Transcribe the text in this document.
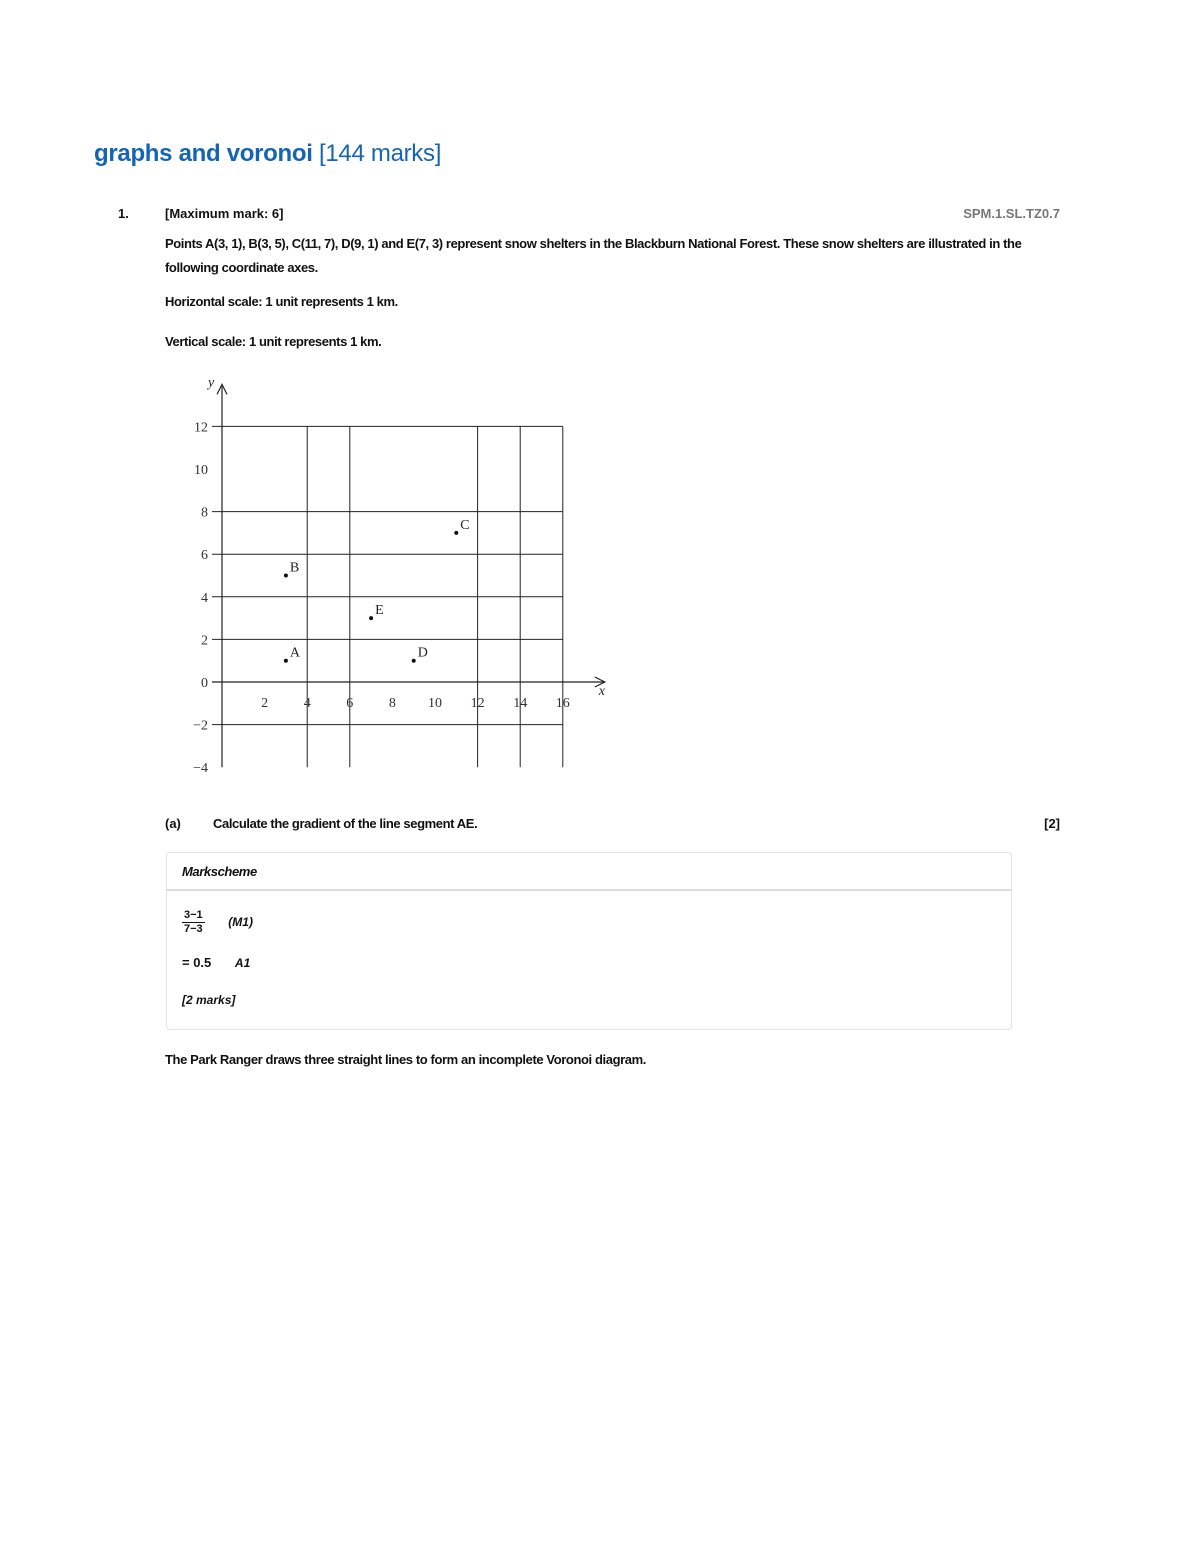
graphs and voronoi [144 marks]
1.	[Maximum mark: 6]	SPM.1.SL.TZ0.7
Points A(3, 1), B(3, 5), C(11, 7), D(9, 1) and E(7, 3) represent snow shelters in the Blackburn National Forest. These snow shelters are illustrated in the following coordinate axes.
Horizontal scale: 1 unit represents 1 km.
Vertical scale: 1 unit represents 1 km.
y
x
12
10
8
6
4
2
0
−2
−4
2	4	6	8 10 12 14 16
A
B
C
D
E
(a) Calculate the gradient of the line segment AE.	[2]
Markscheme
$\frac{3-1}{7-3} (M1)$
= 0.5 A1
[2 marks]
The Park Ranger draws three straight lines to form an incomplete Voronoi diagram.
